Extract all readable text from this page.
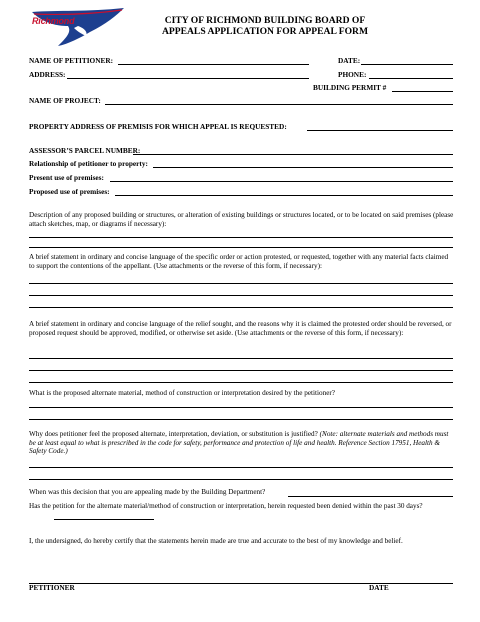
Richmond	CITY OF RICHMOND BUILDING BOARD OF
APPEALS APPLICATION FOR APPEAL FORM
NAME OF PETITIONER:	DATE:
ADDRESS:	PHONE:
BUILDING PERMIT #
NAME OF PROJECT:
PROPERTY ADDRESS OF PREMISIS FOR WHICH APPEAL IS REQUESTED:
ASSESSOR’S PARCEL NUMBER:
Relationship of petitioner to property:
Present use of premises:
Proposed use of premises:
Description of any proposed building or structures, or alteration of existing buildings or structures located, or to be located on said premises (please attach sketches, map, or diagrams if necessary):
A brief statement in ordinary and concise language of the specific order or action protested, or requested, together with any material facts claimed to support the contentions of the appellant. (Use attachments or the reverse of this form, if necessary):
A brief statement in ordinary and concise language of the relief sought, and the reasons why it is claimed the protested order should be reversed, or proposed request should be approved, modified, or otherwise set aside. (Use attachments or the reverse of this form, if necessary):
What is the proposed alternate material, method of construction or interpretation desired by the petitioner?
Why does petitioner feel the proposed alternate, interpretation, deviation, or substitution is justified? (Note: alternate materials and methods must be at least equal to what is prescribed in the code for safety, performance and protection of life and health. Reference Section 17951, Health & Safety Code.)
When was this decision that you are appealing made by the Building Department?
Has the petition for the alternate material/method of construction or interpretation, herein requested been denied within the past 30 days?
I, the undersigned, do hereby certify that the statements herein made are true and accurate to the best of my knowledge and belief.
PETITIONER	DATE
